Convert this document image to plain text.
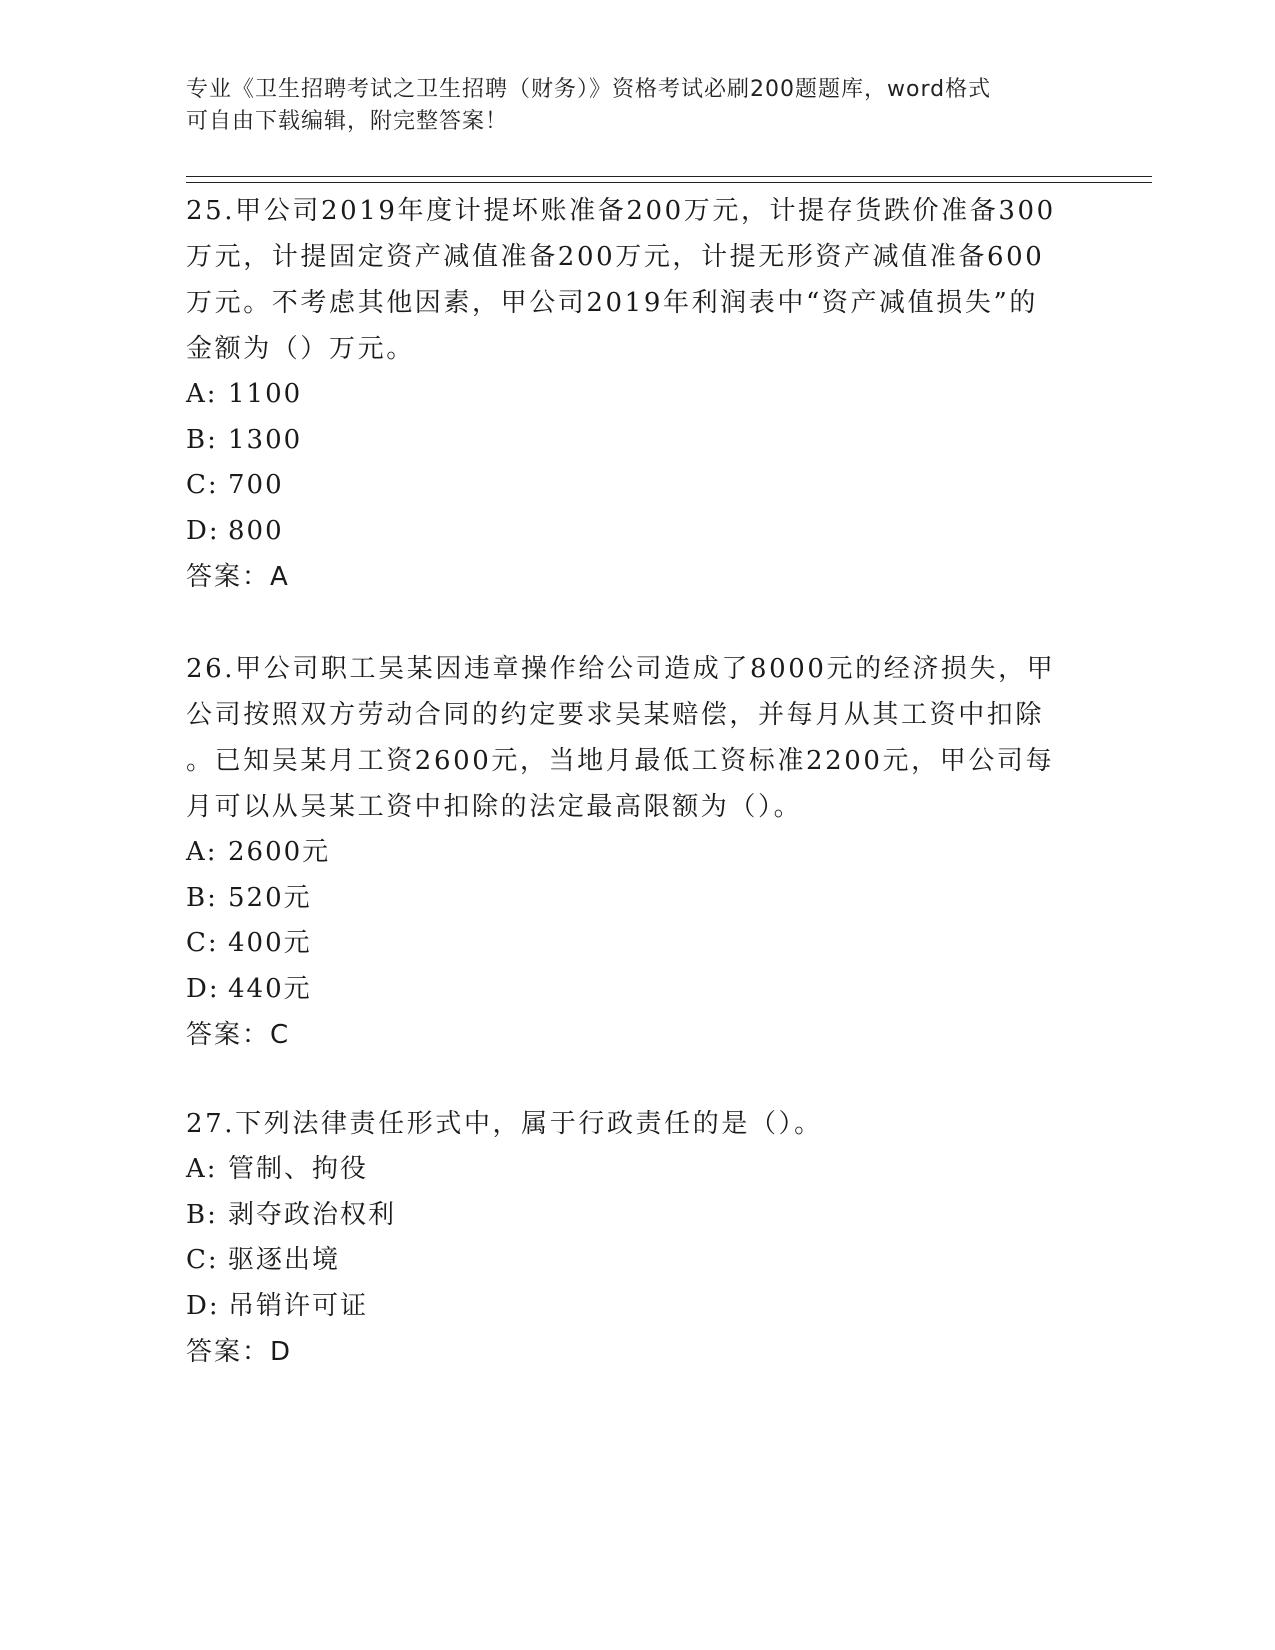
专业《卫生招聘考试之卫生招聘（财务）》资格考试必刷200题题库，word格式
可自由下载编辑，附完整答案！
25.甲公司2019年度计提坏账准备200万元，计提存货跌价准备300
万元，计提固定资产减值准备200万元，计提无形资产减值准备600
万元。不考虑其他因素，甲公司2019年利润表中“资产减值损失”的
金额为（）万元。
A: 1100
B: 1300
C: 700
D: 800
答案：A
26.甲公司职工吴某因违章操作给公司造成了8000元的经济损失，甲
公司按照双方劳动合同的约定要求吴某赔偿，并每月从其工资中扣除
。已知吴某月工资2600元，当地月最低工资标准2200元，甲公司每
月可以从吴某工资中扣除的法定最高限额为（）。
A: 2600元
B: 520元
C: 400元
D: 440元
答案：C
27.下列法律责任形式中，属于行政责任的是（）。
A: 管制、拘役
B: 剥夺政治权利
C: 驱逐出境
D: 吊销许可证
答案：D
